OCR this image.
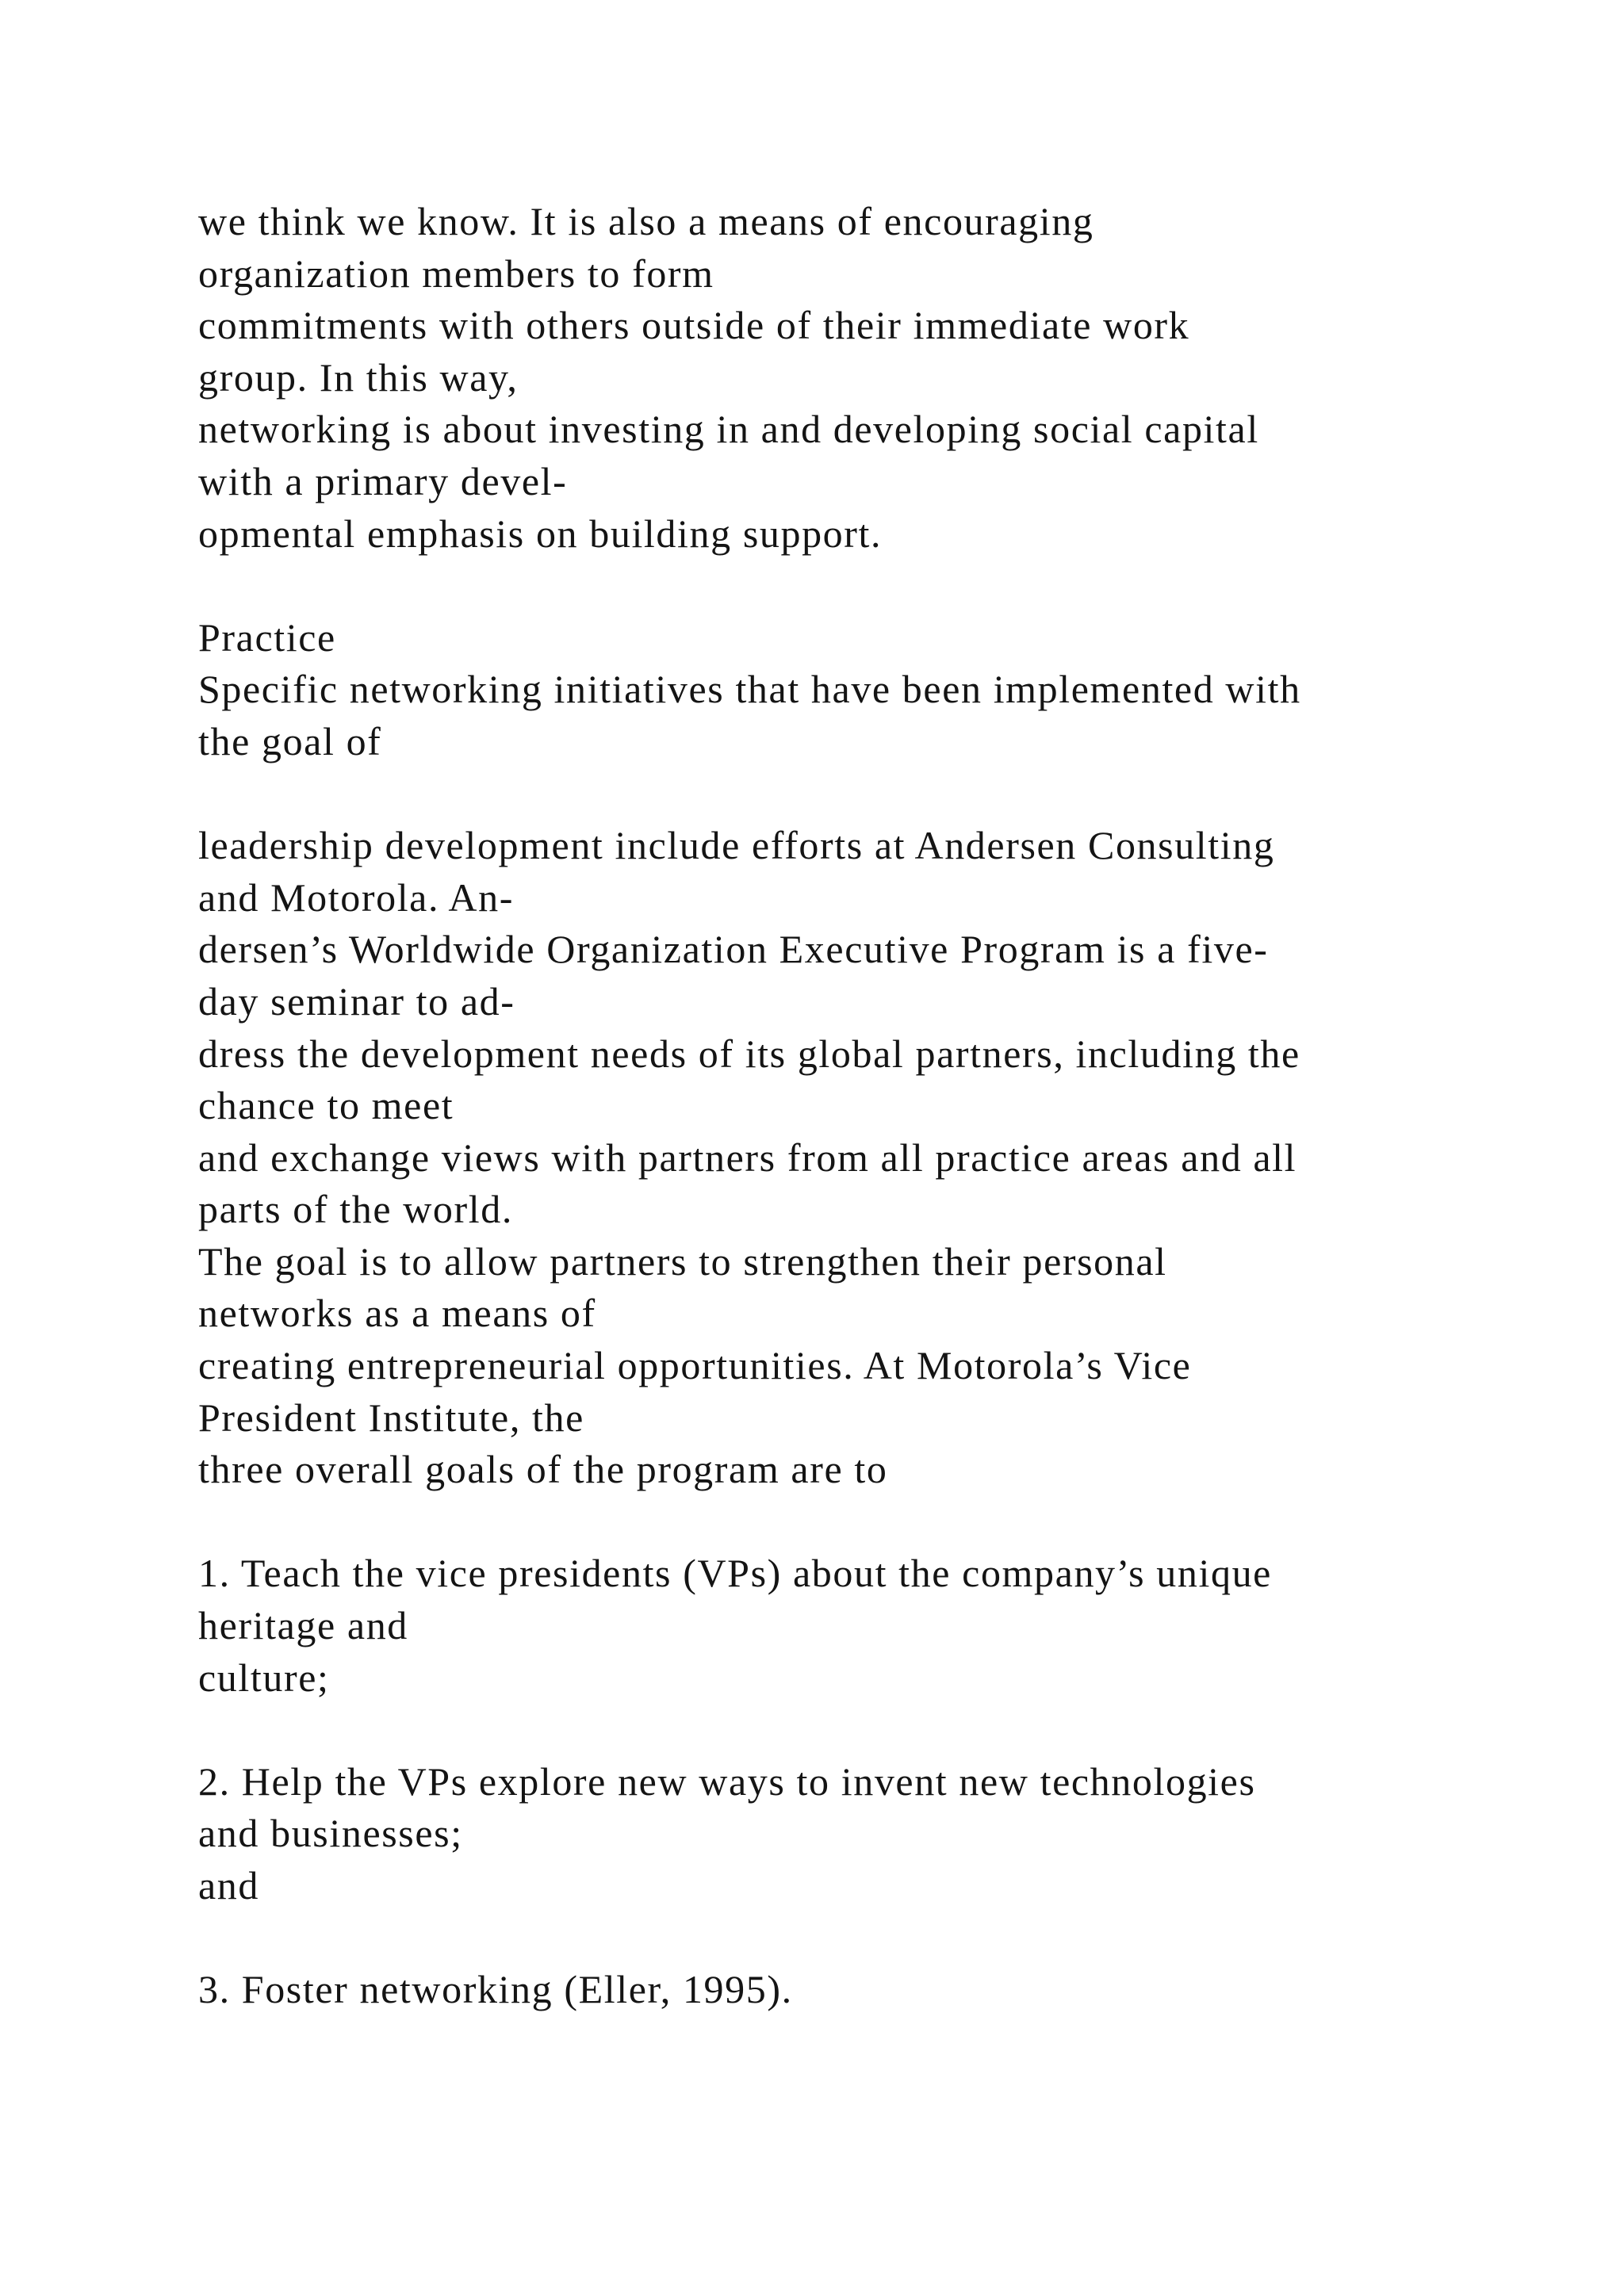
we think we know. It is also a means of encouraging
organization members to form
commitments with others outside of their immediate work
group. In this way,
networking is about investing in and developing social capital
with a primary devel-
opmental emphasis on building support.
Practice
Specific networking initiatives that have been implemented with
the goal of
leadership development include efforts at Andersen Consulting
and Motorola. An-
dersen’s Worldwide Organization Executive Program is a five-
day seminar to ad-
dress the development needs of its global partners, including the
chance to meet
and exchange views with partners from all practice areas and all
parts of the world.
The goal is to allow partners to strengthen their personal
networks as a means of
creating entrepreneurial opportunities. At Motorola’s Vice
President Institute, the
three overall goals of the program are to
1. Teach the vice presidents (VPs) about the company’s unique
heritage and
culture;
2. Help the VPs explore new ways to invent new technologies
and businesses;
and
3. Foster networking (Eller, 1995).
